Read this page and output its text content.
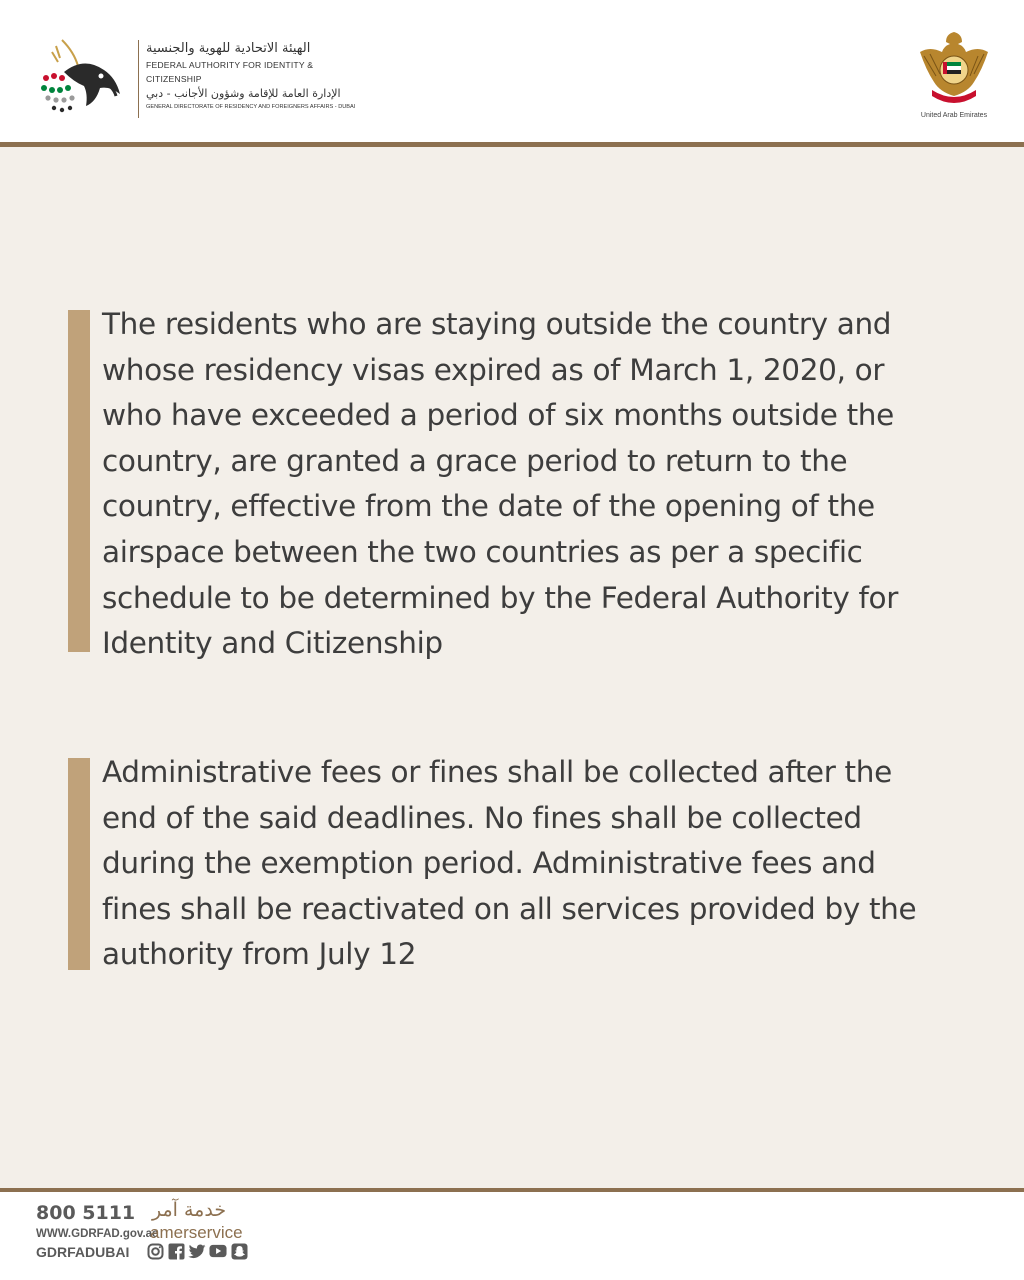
الهيئة الاتحادية للهوية والجنسية

FEDERAL AUTHORITY FOR IDENTITY & CITIZENSHIP

الإدارة العامة للإقامة وشؤون الأجانب - دبي

GENERAL DIRECTORATE OF RESIDENCY AND FOREIGNERS AFFAIRS - DUBAI

United Arab Emirates

The residents who are staying outside the country and
whose residency visas expired as of March 1, 2020, or
who have exceeded a period of six months outside the
country, are granted a grace period to return to the
country, effective from the date of the opening of the
airspace between the two countries as per a specific
schedule to be determined by the Federal Authority for
Identity and Citizenship

Administrative fees or fines shall be collected after the
end of the said deadlines. No fines shall be collected
during the exemption period. Administrative fees and
fines shall be reactivated on all services provided by the
authority from July 12

800 5111 خدمة آمر

WWW.GDRFAD.gov.ae

amerservice

GDRFADUBAI
